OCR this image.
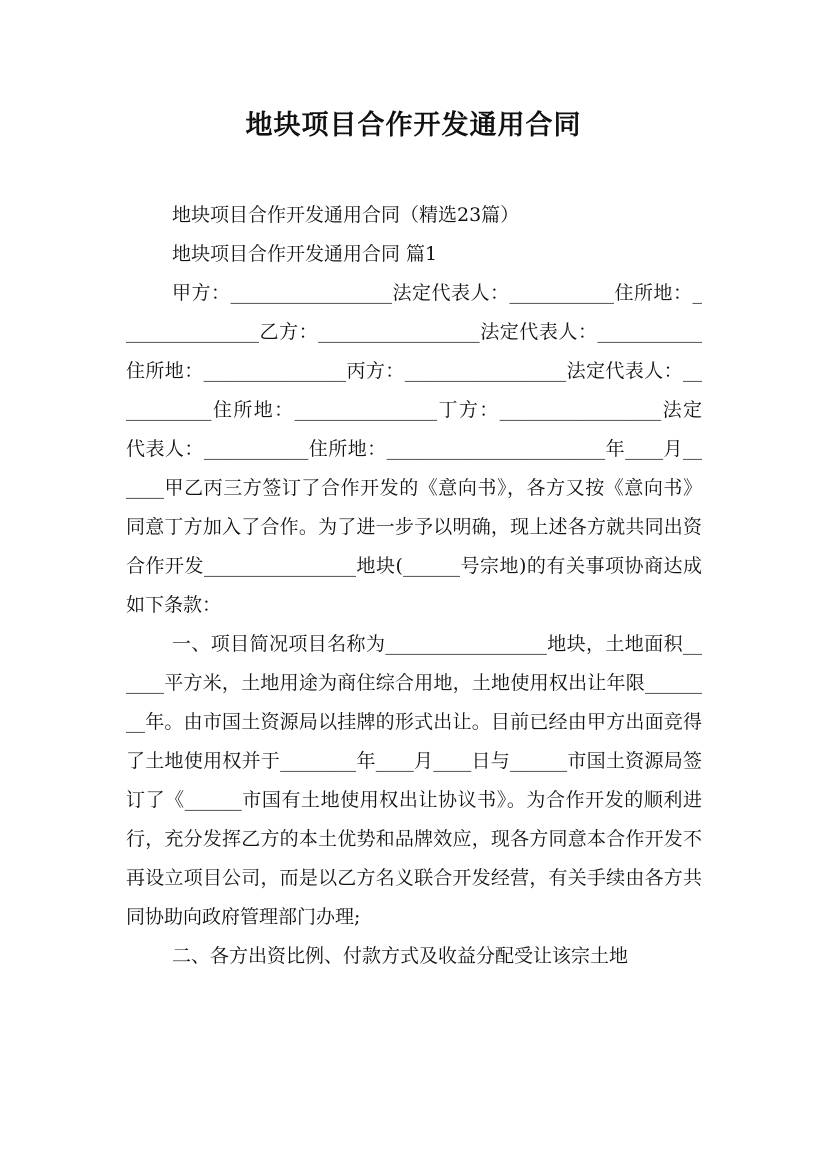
地块项目合作开发通用合同

地块项目合作开发通用合同（精选23篇）

地块项目合作开发通用合同 篇1

甲方：_________________法定代表人：___________住所地：_______________乙方：_________________法定代表人：___________住所地：_______________丙方：_________________法定代表人：___________住所地：_______________丁方：_________________法定代表人：___________住所地：_______________________年____月______甲乙丙三方签订了合作开发的《意向书》，各方又按《意向书》同意丁方加入了合作。为了进一步予以明确，现上述各方就共同出资合作开发________________地块(______号宗地)的有关事项协商达成如下条款：

一、项目简况项目名称为_________________地块，土地面积______平方米，土地用途为商住综合用地，土地使用权出让年限________年。由市国土资源局以挂牌的形式出让。目前已经由甲方出面竞得了土地使用权并于________年____月____日与______市国土资源局签订了《______市国有土地使用权出让协议书》。为合作开发的顺利进行，充分发挥乙方的本土优势和品牌效应，现各方同意本合作开发不再设立项目公司，而是以乙方名义联合开发经营，有关手续由各方共同协助向政府管理部门办理;

二、各方出资比例、付款方式及收益分配受让该宗土地
